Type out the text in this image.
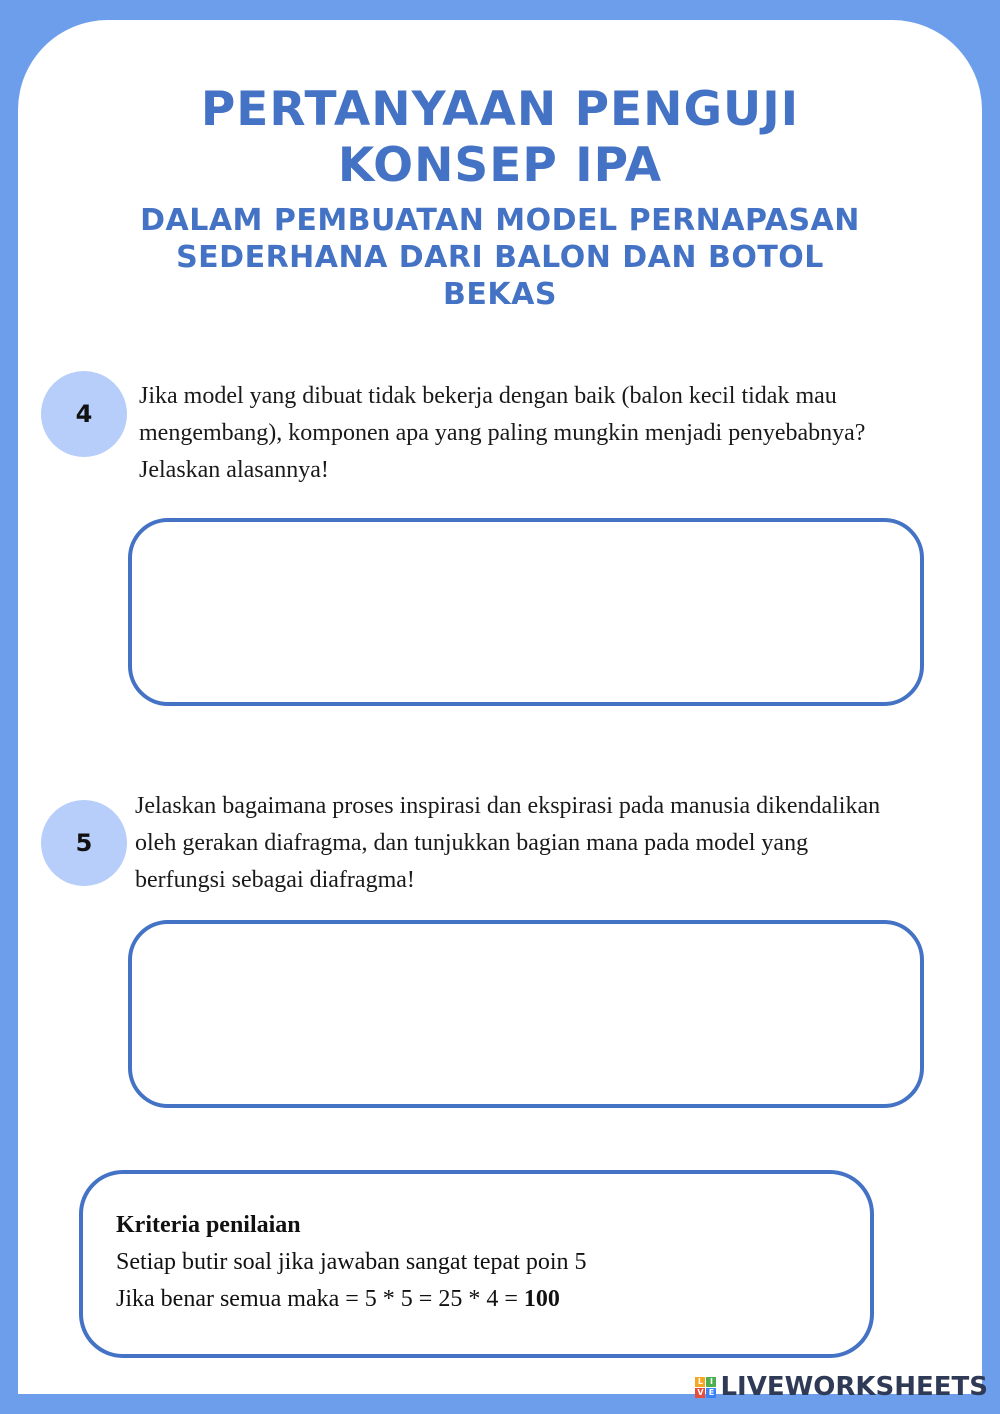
PERTANYAAN PENGUJI
KONSEP IPA
DALAM PEMBUATAN MODEL PERNAPASAN
SEDERHANA DARI BALON DAN BOTOL
BEKAS
4
Jika model yang dibuat tidak bekerja dengan baik (balon kecil tidak mau
mengembang), komponen apa yang paling mungkin menjadi penyebabnya?
Jelaskan alasannya!
5
Jelaskan bagaimana proses inspirasi dan ekspirasi pada manusia dikendalikan
oleh gerakan diafragma, dan tunjukkan bagian mana pada model yang
berfungsi sebagai diafragma!
Kriteria penilaian
Setiap butir soal jika jawaban sangat tepat poin 5
Jika benar semua maka = 5 * 5 = 25 * 4 = 100
L I
V E LIVEWORKSHEETS
